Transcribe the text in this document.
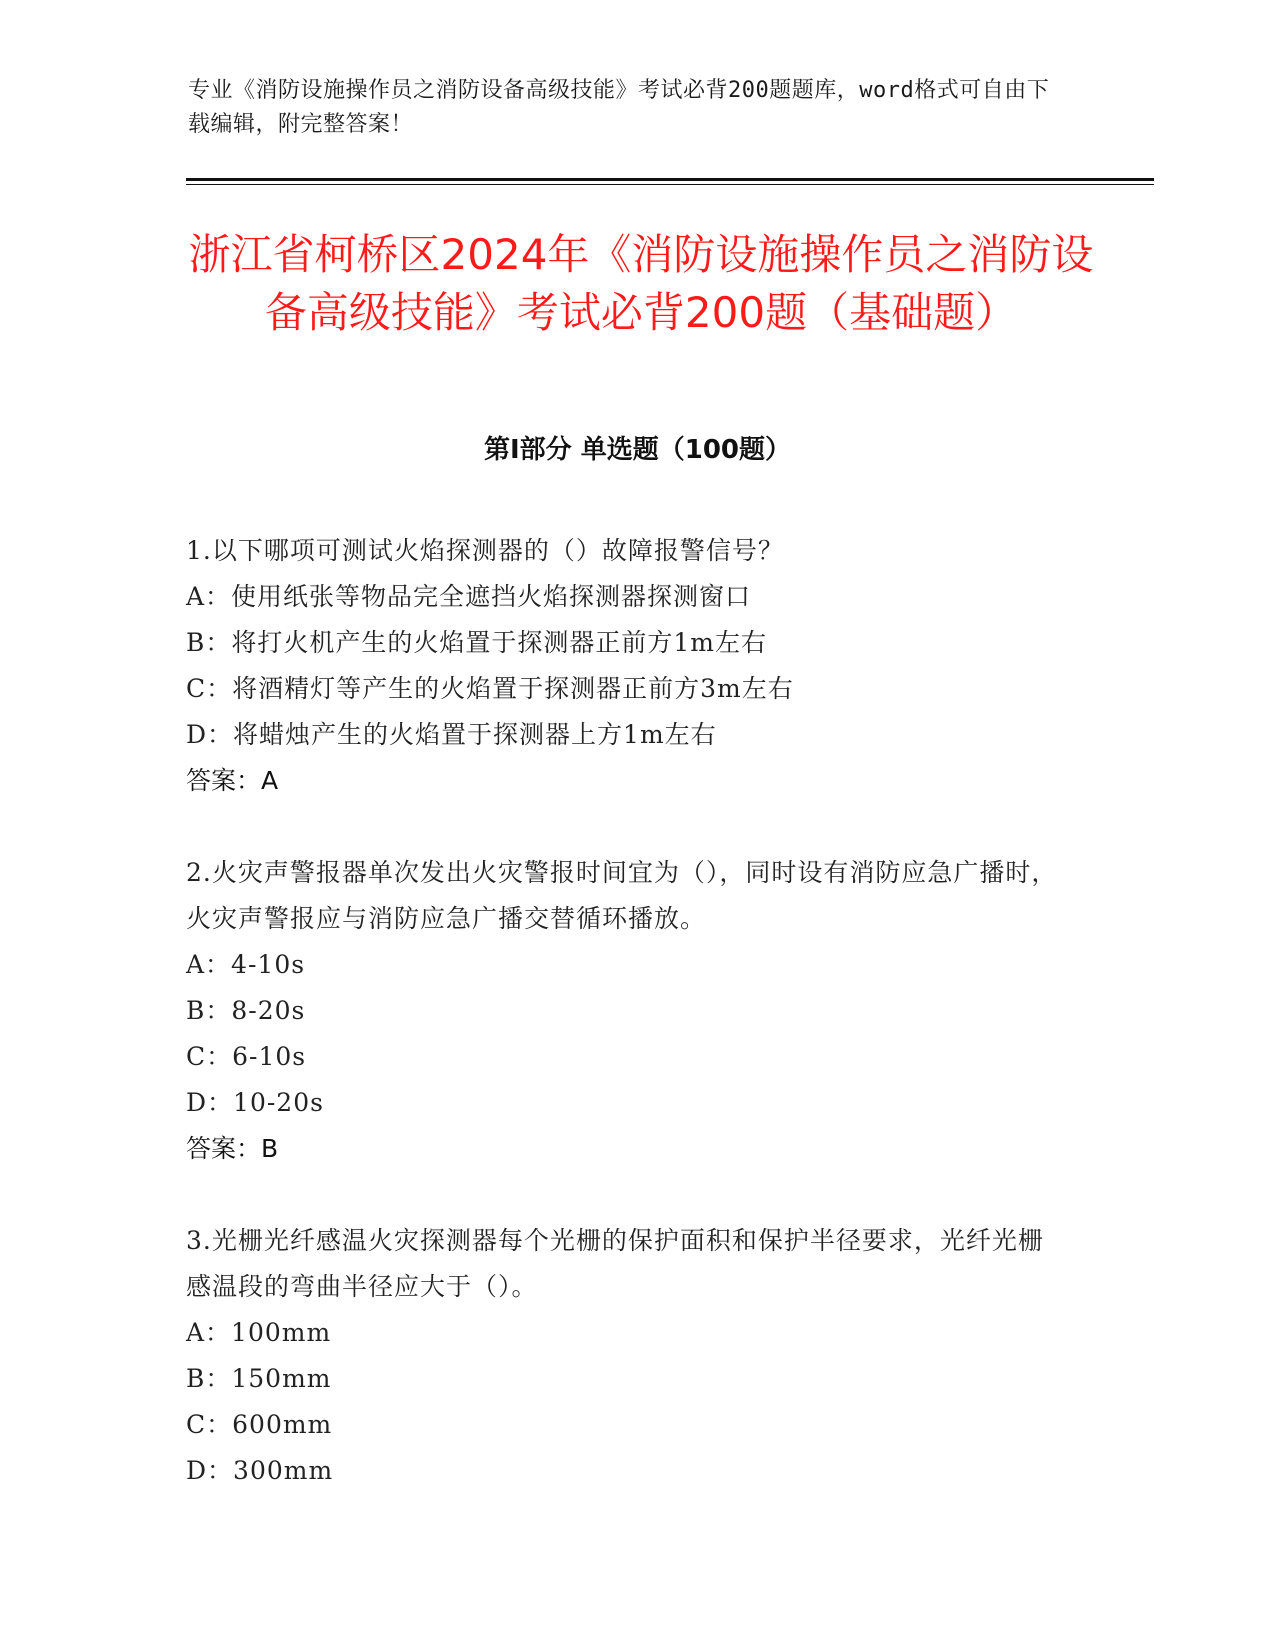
专业《消防设施操作员之消防设备高级技能》考试必背200题题库，word格式可自由下载编辑，附完整答案！
浙江省柯桥区2024年《消防设施操作员之消防设备高级技能》考试必背200题（基础题）
第I部分 单选题（100题）
1.以下哪项可测试火焰探测器的（）故障报警信号？
A：使用纸张等物品完全遮挡火焰探测器探测窗口
B：将打火机产生的火焰置于探测器正前方1m左右
C：将酒精灯等产生的火焰置于探测器正前方3m左右
D：将蜡烛产生的火焰置于探测器上方1m左右
答案：A
2.火灾声警报器单次发出火灾警报时间宜为（），同时设有消防应急广播时，火灾声警报应与消防应急广播交替循环播放。
A：4-10s
B：8-20s
C：6-10s
D：10-20s
答案：B
3.光栅光纤感温火灾探测器每个光栅的保护面积和保护半径要求，光纤光栅感温段的弯曲半径应大于（）。
A：100mm
B：150mm
C：600mm
D：300mm
